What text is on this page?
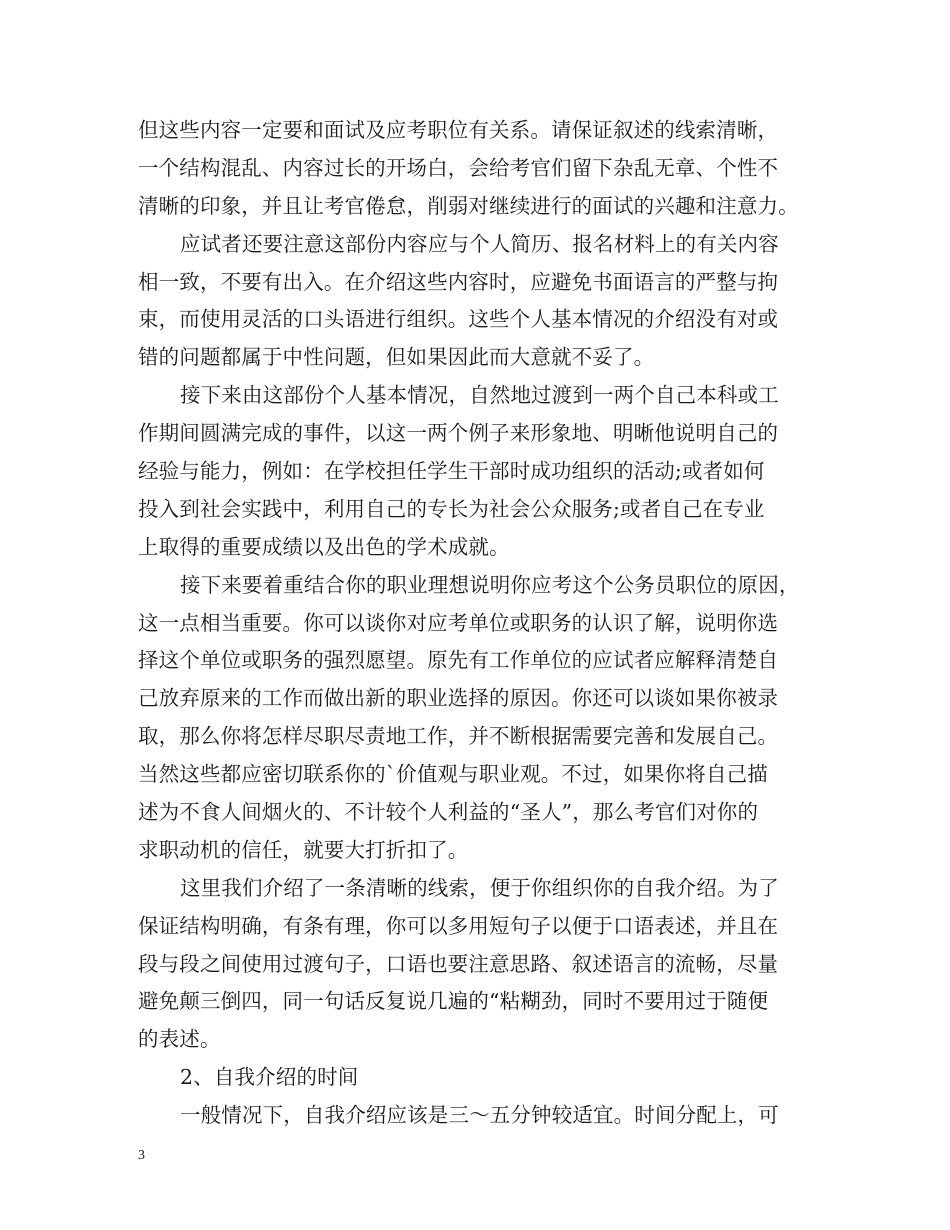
但这些内容一定要和面试及应考职位有关系。请保证叙述的线索清晰，
一个结构混乱、内容过长的开场白，会给考官们留下杂乱无章、个性不
清晰的印象，并且让考官倦怠，削弱对继续进行的面试的兴趣和注意力。
应试者还要注意这部份内容应与个人简历、报名材料上的有关内容
相一致，不要有出入。在介绍这些内容时，应避免书面语言的严整与拘
束，而使用灵活的口头语进行组织。这些个人基本情况的介绍没有对或
错的问题都属于中性问题，但如果因此而大意就不妥了。
接下来由这部份个人基本情况，自然地过渡到一两个自己本科或工
作期间圆满完成的事件，以这一两个例子来形象地、明晰他说明自己的
经验与能力，例如：在学校担任学生干部时成功组织的活动;或者如何
投入到社会实践中，利用自己的专长为社会公众服务;或者自己在专业
上取得的重要成绩以及出色的学术成就。
接下来要着重结合你的职业理想说明你应考这个公务员职位的原因，
这一点相当重要。你可以谈你对应考单位或职务的认识了解，说明你选
择这个单位或职务的强烈愿望。原先有工作单位的应试者应解释清楚自
己放弃原来的工作而做出新的职业选择的原因。你还可以谈如果你被录
取，那么你将怎样尽职尽责地工作，并不断根据需要完善和发展自己。
当然这些都应密切联系你的`价值观与职业观。不过，如果你将自己描
述为不食人间烟火的、不计较个人利益的“圣人”，那么考官们对你的
求职动机的信任，就要大打折扣了。
这里我们介绍了一条清晰的线索，便于你组织你的自我介绍。为了
保证结构明确，有条有理，你可以多用短句子以便于口语表述，并且在
段与段之间使用过渡句子，口语也要注意思路、叙述语言的流畅，尽量
避免颠三倒四，同一句话反复说几遍的“粘糊劲，同时不要用过于随便
的表述。
2、自我介绍的时间
一般情况下，自我介绍应该是三～五分钟较适宜。时间分配上，可
3
